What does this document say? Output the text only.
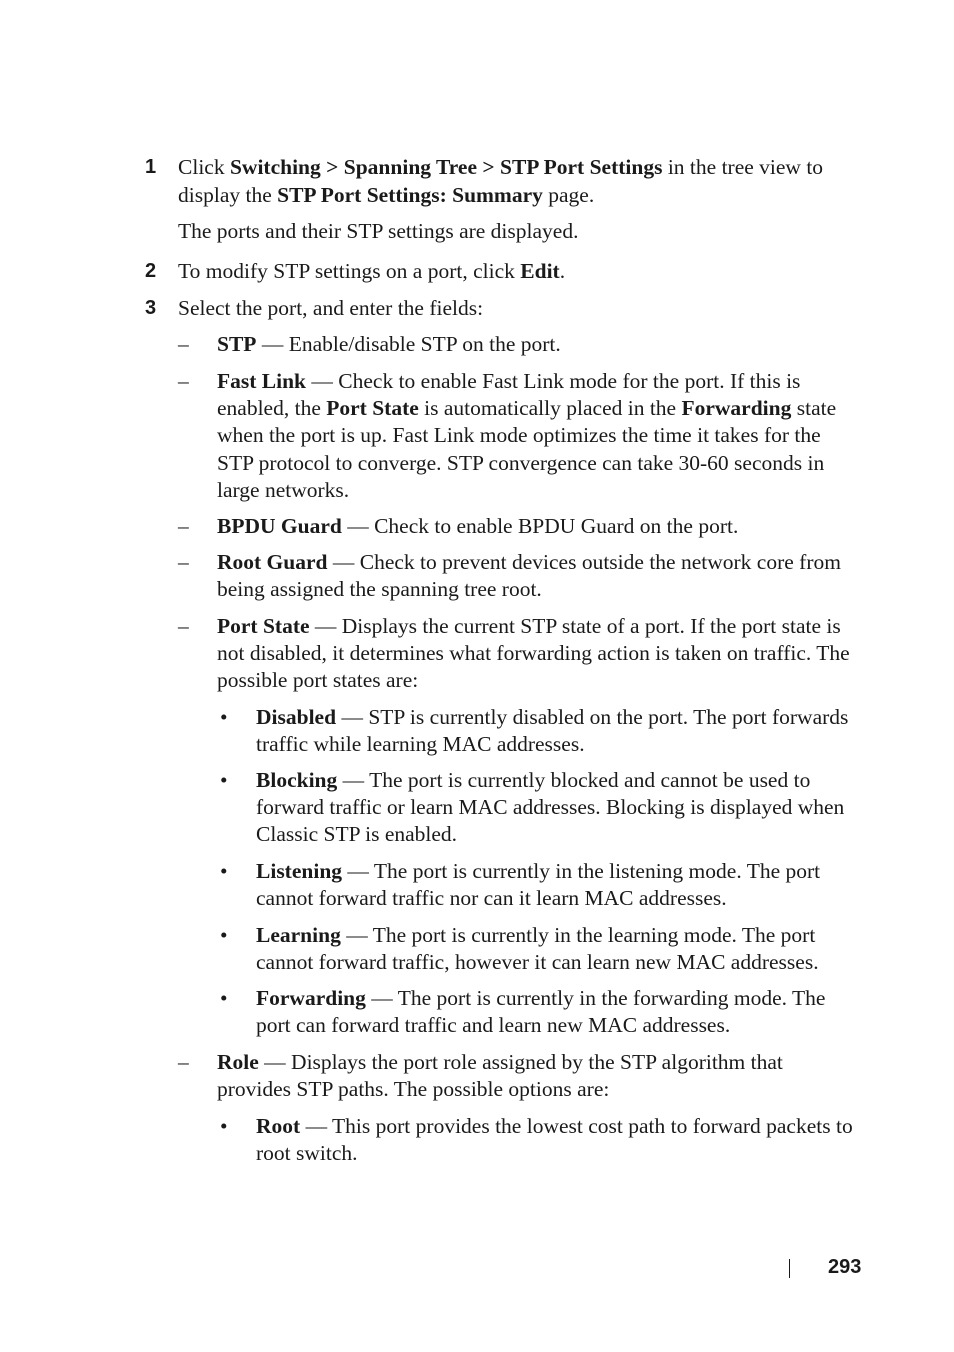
1 Click Switching > Spanning Tree > STP Port Settings in the tree view to display the STP Port Settings: Summary page.
The ports and their STP settings are displayed.
2 To modify STP settings on a port, click Edit.
3 Select the port, and enter the fields:
– STP — Enable/disable STP on the port.
– Fast Link — Check to enable Fast Link mode for the port. If this is enabled, the Port State is automatically placed in the Forwarding state when the port is up. Fast Link mode optimizes the time it takes for the STP protocol to converge. STP convergence can take 30-60 seconds in large networks.
– BPDU Guard — Check to enable BPDU Guard on the port.
– Root Guard — Check to prevent devices outside the network core from being assigned the spanning tree root.
– Port State — Displays the current STP state of a port. If the port state is not disabled, it determines what forwarding action is taken on traffic. The possible port states are:
• Disabled — STP is currently disabled on the port. The port forwards traffic while learning MAC addresses.
• Blocking — The port is currently blocked and cannot be used to forward traffic or learn MAC addresses. Blocking is displayed when Classic STP is enabled.
• Listening — The port is currently in the listening mode. The port cannot forward traffic nor can it learn MAC addresses.
• Learning — The port is currently in the learning mode. The port cannot forward traffic, however it can learn new MAC addresses.
• Forwarding — The port is currently in the forwarding mode. The port can forward traffic and learn new MAC addresses.
– Role — Displays the port role assigned by the STP algorithm that provides STP paths. The possible options are:
• Root — This port provides the lowest cost path to forward packets to root switch.
293
